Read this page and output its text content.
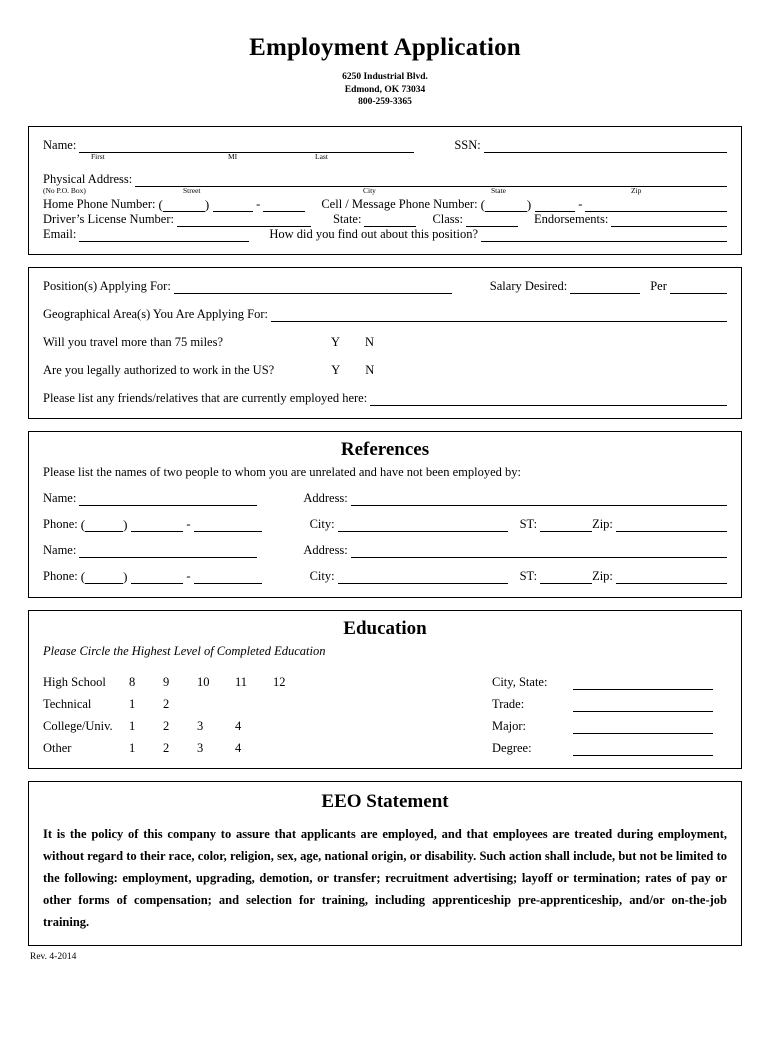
Employment Application
6250 Industrial Blvd.
Edmond, OK 73034
800-259-3365
Name:	SSN:
First	MI	Last
Physical Address:
(No P.O. Box)	Street	City	State	Zip
Home Phone Number: (	)	-	Cell / Message Phone Number: (	)	-
Driver’s License Number:	State:	Class:	Endorsements:
Email:	How did you find out about this position?
Position(s) Applying For:	Salary Desired:	Per
Geographical Area(s) You Are Applying For:
Will you travel more than 75 miles?	Y	N
Are you legally authorized to work in the US?	Y	N
Please list any friends/relatives that are currently employed here:
References
Please list the names of two people to whom you are unrelated and have not been employed by:
Name:	Address:
Phone: (	)	-	City:	ST:	Zip:
Name:	Address:
Phone: (	)	-	City:	ST:	Zip:
Education
Please Circle the Highest Level of Completed Education
High School	8	9	10	11	12
Technical	1	2
College/Univ.	1	2	3	4
Other	1	2	3	4
City, State:
Trade:
Major:
Degree:
EEO Statement
It is the policy of this company to assure that applicants are employed, and that employees are treated during employment, without regard to their race, color, religion, sex, age, national origin, or disability. Such action shall include, but not be limited to the following: employment, upgrading, demotion, or transfer; recruitment advertising; layoff or termination; rates of pay or other forms of compensation; and selection for training, including apprenticeship pre-apprenticeship, and/or on-the-job training.
Rev. 4-2014
